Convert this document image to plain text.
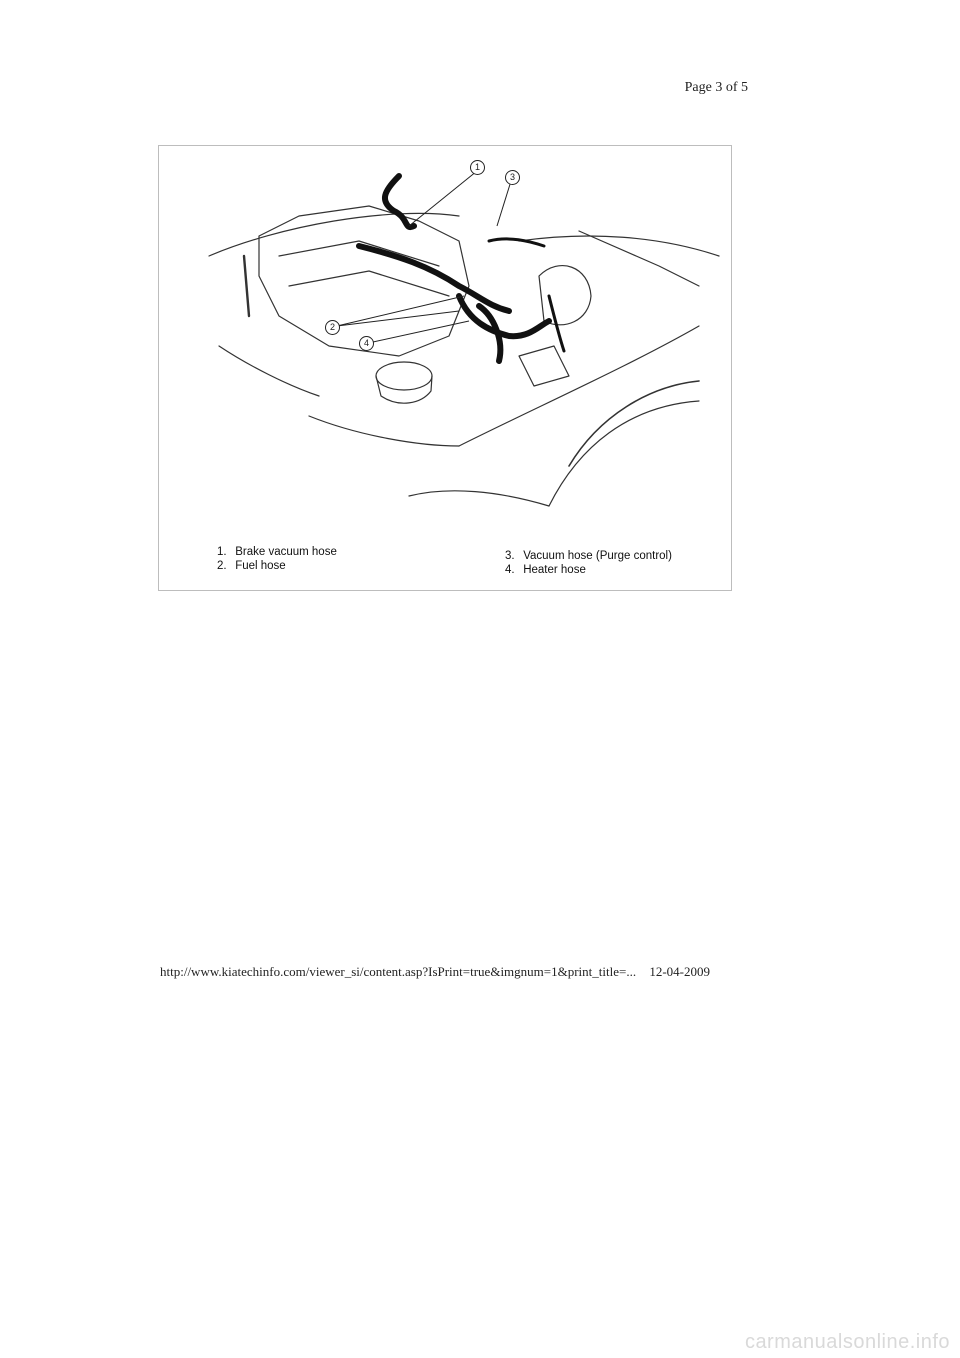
Page 3 of 5
1
3
2
4
1. Brake vacuum hose
2. Fuel hose
3. Vacuum hose (Purge control)
4. Heater hose
http://www.kiatechinfo.com/viewer_si/content.asp?IsPrint=true&imgnum=1&print_title=... 12-04-2009
carmanualsonline.info
